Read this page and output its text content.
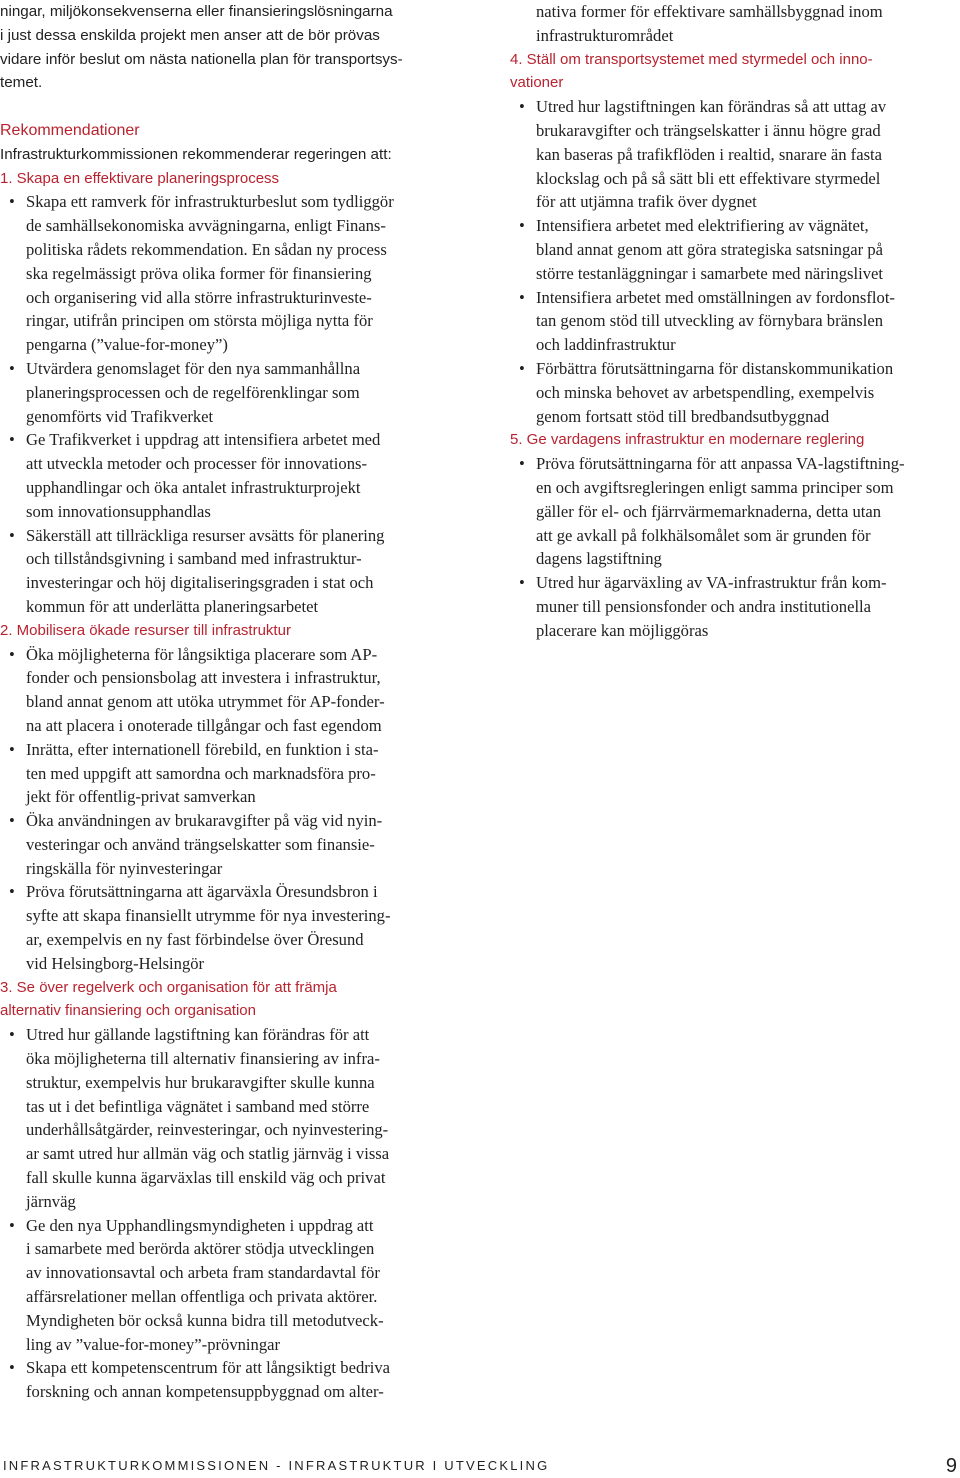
ningar, miljökonsekvenserna eller finansieringslösningarna
i just dessa enskilda projekt men anser att de bör prövas
vidare inför beslut om nästa nationella plan för transportsys-
temet.
Rekommendationer
Infrastrukturkommissionen rekommenderar regeringen att:
1. Skapa en effektivare planeringsprocess
• Skapa ett ramverk för infrastrukturbeslut som tydliggör
de samhällsekonomiska avvägningarna, enligt Finans-
politiska rådets rekommendation. En sådan ny process
ska regelmässigt pröva olika former för finansiering
och organisering vid alla större infrastrukturinveste-
ringar, utifrån principen om största möjliga nytta för
pengarna (”value-for-money”)
• Utvärdera genomslaget för den nya sammanhållna
planeringsprocessen och de regelförenklingar som
genomförts vid Trafikverket
• Ge Trafikverket i uppdrag att intensifiera arbetet med
att utveckla metoder och processer för innovations-
upphandlingar och öka antalet infrastrukturprojekt
som innovationsupphandlas
• Säkerställ att tillräckliga resurser avsätts för planering
och tillståndsgivning i samband med infrastruktur-
investeringar och höj digitaliseringsgraden i stat och
kommun för att underlätta planeringsarbetet
2. Mobilisera ökade resurser till infrastruktur
• Öka möjligheterna för långsiktiga placerare som AP-
fonder och pensionsbolag att investera i infrastruktur,
bland annat genom att utöka utrymmet för AP-fonder-
na att placera i onoterade tillgångar och fast egendom
• Inrätta, efter internationell förebild, en funktion i sta-
ten med uppgift att samordna och marknadsföra pro-
jekt för offentlig-privat samverkan
• Öka användningen av brukaravgifter på väg vid nyin-
vesteringar och använd trängselskatter som finansie-
ringskälla för nyinvesteringar
• Pröva förutsättningarna att ägarväxla Öresundsbron i
syfte att skapa finansiellt utrymme för nya investering-
ar, exempelvis en ny fast förbindelse över Öresund
vid Helsingborg-Helsingör
3. Se över regelverk och organisation för att främja
alternativ finansiering och organisation
• Utred hur gällande lagstiftning kan förändras för att
öka möjligheterna till alternativ finansiering av infra-
struktur, exempelvis hur brukaravgifter skulle kunna
tas ut i det befintliga vägnätet i samband med större
underhållsåtgärder, reinvesteringar, och nyinvestering-
ar samt utred hur allmän väg och statlig järnväg i vissa
fall skulle kunna ägarväxlas till enskild väg och privat
järnväg
• Ge den nya Upphandlingsmyndigheten i uppdrag att
i samarbete med berörda aktörer stödja utvecklingen
av innovationsavtal och arbeta fram standardavtal för
affärsrelationer mellan offentliga och privata aktörer.
Myndigheten bör också kunna bidra till metodutveck-
ling av ”value-for-money”-prövningar
• Skapa ett kompetenscentrum för att långsiktigt bedriva
forskning och annan kompetensuppbyggnad om alter-
nativa former för effektivare samhällsbyggnad inom
infrastrukturområdet
4. Ställ om transportsystemet med styrmedel och inno-
vationer
• Utred hur lagstiftningen kan förändras så att uttag av
brukaravgifter och trängselskatter i ännu högre grad
kan baseras på trafikflöden i realtid, snarare än fasta
klockslag och på så sätt bli ett effektivare styrmedel
för att utjämna trafik över dygnet
• Intensifiera arbetet med elektrifiering av vägnätet,
bland annat genom att göra strategiska satsningar på
större testanläggningar i samarbete med näringslivet
• Intensifiera arbetet med omställningen av fordonsflot-
tan genom stöd till utveckling av förnybara bränslen
och laddinfrastruktur
• Förbättra förutsättningarna för distanskommunikation
och minska behovet av arbetspendling, exempelvis
genom fortsatt stöd till bredbandsutbyggnad
5. Ge vardagens infrastruktur en modernare reglering
• Pröva förutsättningarna för att anpassa VA-lagstiftning-
en och avgiftsregleringen enligt samma principer som
gäller för el- och fjärrvärmemarknaderna, detta utan
att ge avkall på folkhälsomålet som är grunden för
dagens lagstiftning
• Utred hur ägarväxling av VA-infrastruktur från kom-
muner till pensionsfonder och andra institutionella
placerare kan möjliggöras
INFRASTRUKTURKOMMISSIONEN - INFRASTRUKTUR I UTVECKLING	9
